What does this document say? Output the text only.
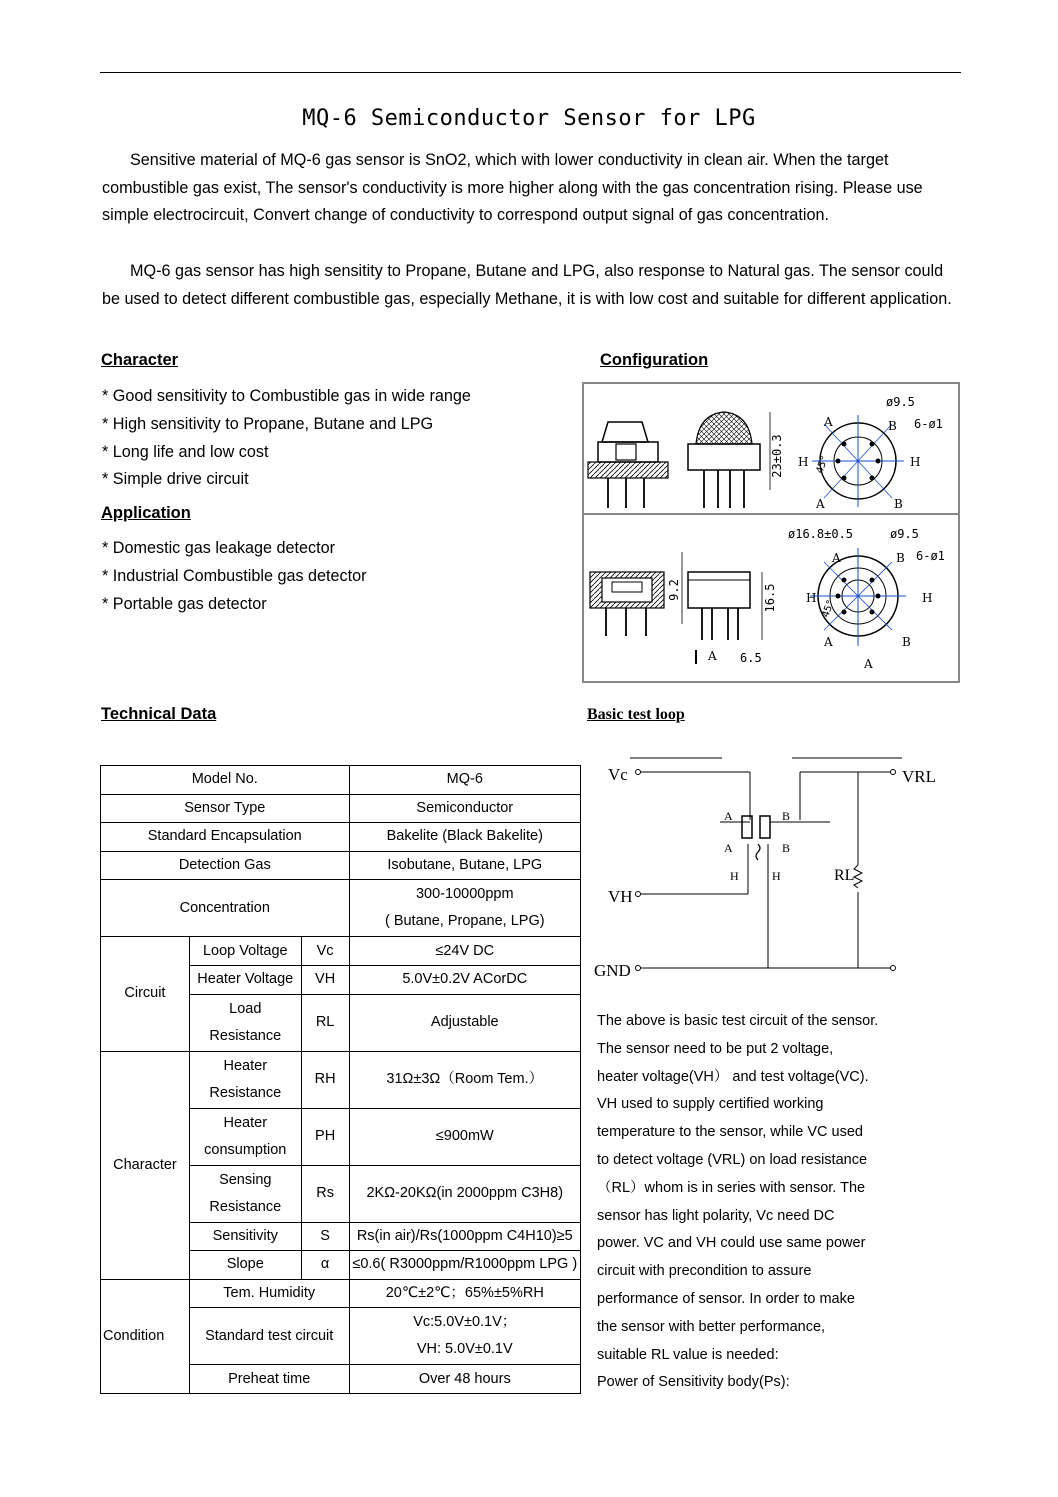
MQ-6 Semiconductor Sensor for LPG

Sensitive material of MQ-6 gas sensor is SnO2, which with lower conductivity in clean air. When the target combustible gas exist, The sensor's conductivity is more higher along with the gas concentration rising. Please use simple electrocircuit, Convert change of conductivity to correspond output signal of gas concentration.

MQ-6 gas sensor has high sensitity to Propane, Butane and LPG, also response to Natural gas. The sensor could be used to detect different combustible gas, especially Methane, it is with low cost and suitable for different application.

Character
* Good sensitivity to Combustible gas in wide range
* High sensitivity to Propane, Butane and LPG
* Long life and low cost
* Simple drive circuit
Application
* Domestic gas leakage detector
* Industrial Combustible gas detector
* Portable gas detector
Configuration
23±0.3
ø9.5
6-ø1
A	B
H	H
A	B
45°
9.2	16.5
A 6.5
ø16.8±0.5	ø9.5
6-ø1
A	B
H	H
A	B
A
45°
Technical Data
Model No.			MQ-6
Sensor Type			Semiconductor
Standard Encapsulation			Bakelite (Black Bakelite)
Detection Gas			Isobutane, Butane, LPG
Concentration			300-10000ppm
( Butane, Propane, LPG)

Circuit	Loop Voltage	Vc	≤24V DC
	Heater Voltage	VH	5.0V±0.2V ACorDC

	Load
Resistance	RL	Adjustable
Character	Heater
Resistance	RH	31Ω±3Ω（Room Tem.）

	Heater
consumption	PH	≤900mW

	Sensing
Resistance	Rs	2KΩ-20KΩ(in 2000ppm C3H8)
	Sensitivity	S	Rs(in air)/Rs(1000ppm C4H10)≥5
	Slope	α	≤0.6( R3000ppm/R1000ppm LPG )
Condition	Tem. Humidity		20℃±2℃；65%±5%RH
	Standard test circuit		Vc:5.0V±0.1V；
VH: 5.0V±0.1V

	Preheat time		Over 48 hours
Basic test loop
Vc	VRL
RL
A	B
A	B
H	H
VH
GND
The above is basic test circuit of the sensor.
The sensor need to be put 2 voltage,
heater voltage(VH） and test voltage(VC).
VH used to supply certified working
temperature to the sensor, while VC used
to detect voltage (VRL) on load resistance
（RL）whom is in series with sensor. The
sensor has light polarity, Vc need DC
power. VC and VH could use same power
circuit with precondition to assure
performance of sensor. In order to make
the sensor with better performance,
suitable RL value is needed:
Power of Sensitivity body(Ps):
